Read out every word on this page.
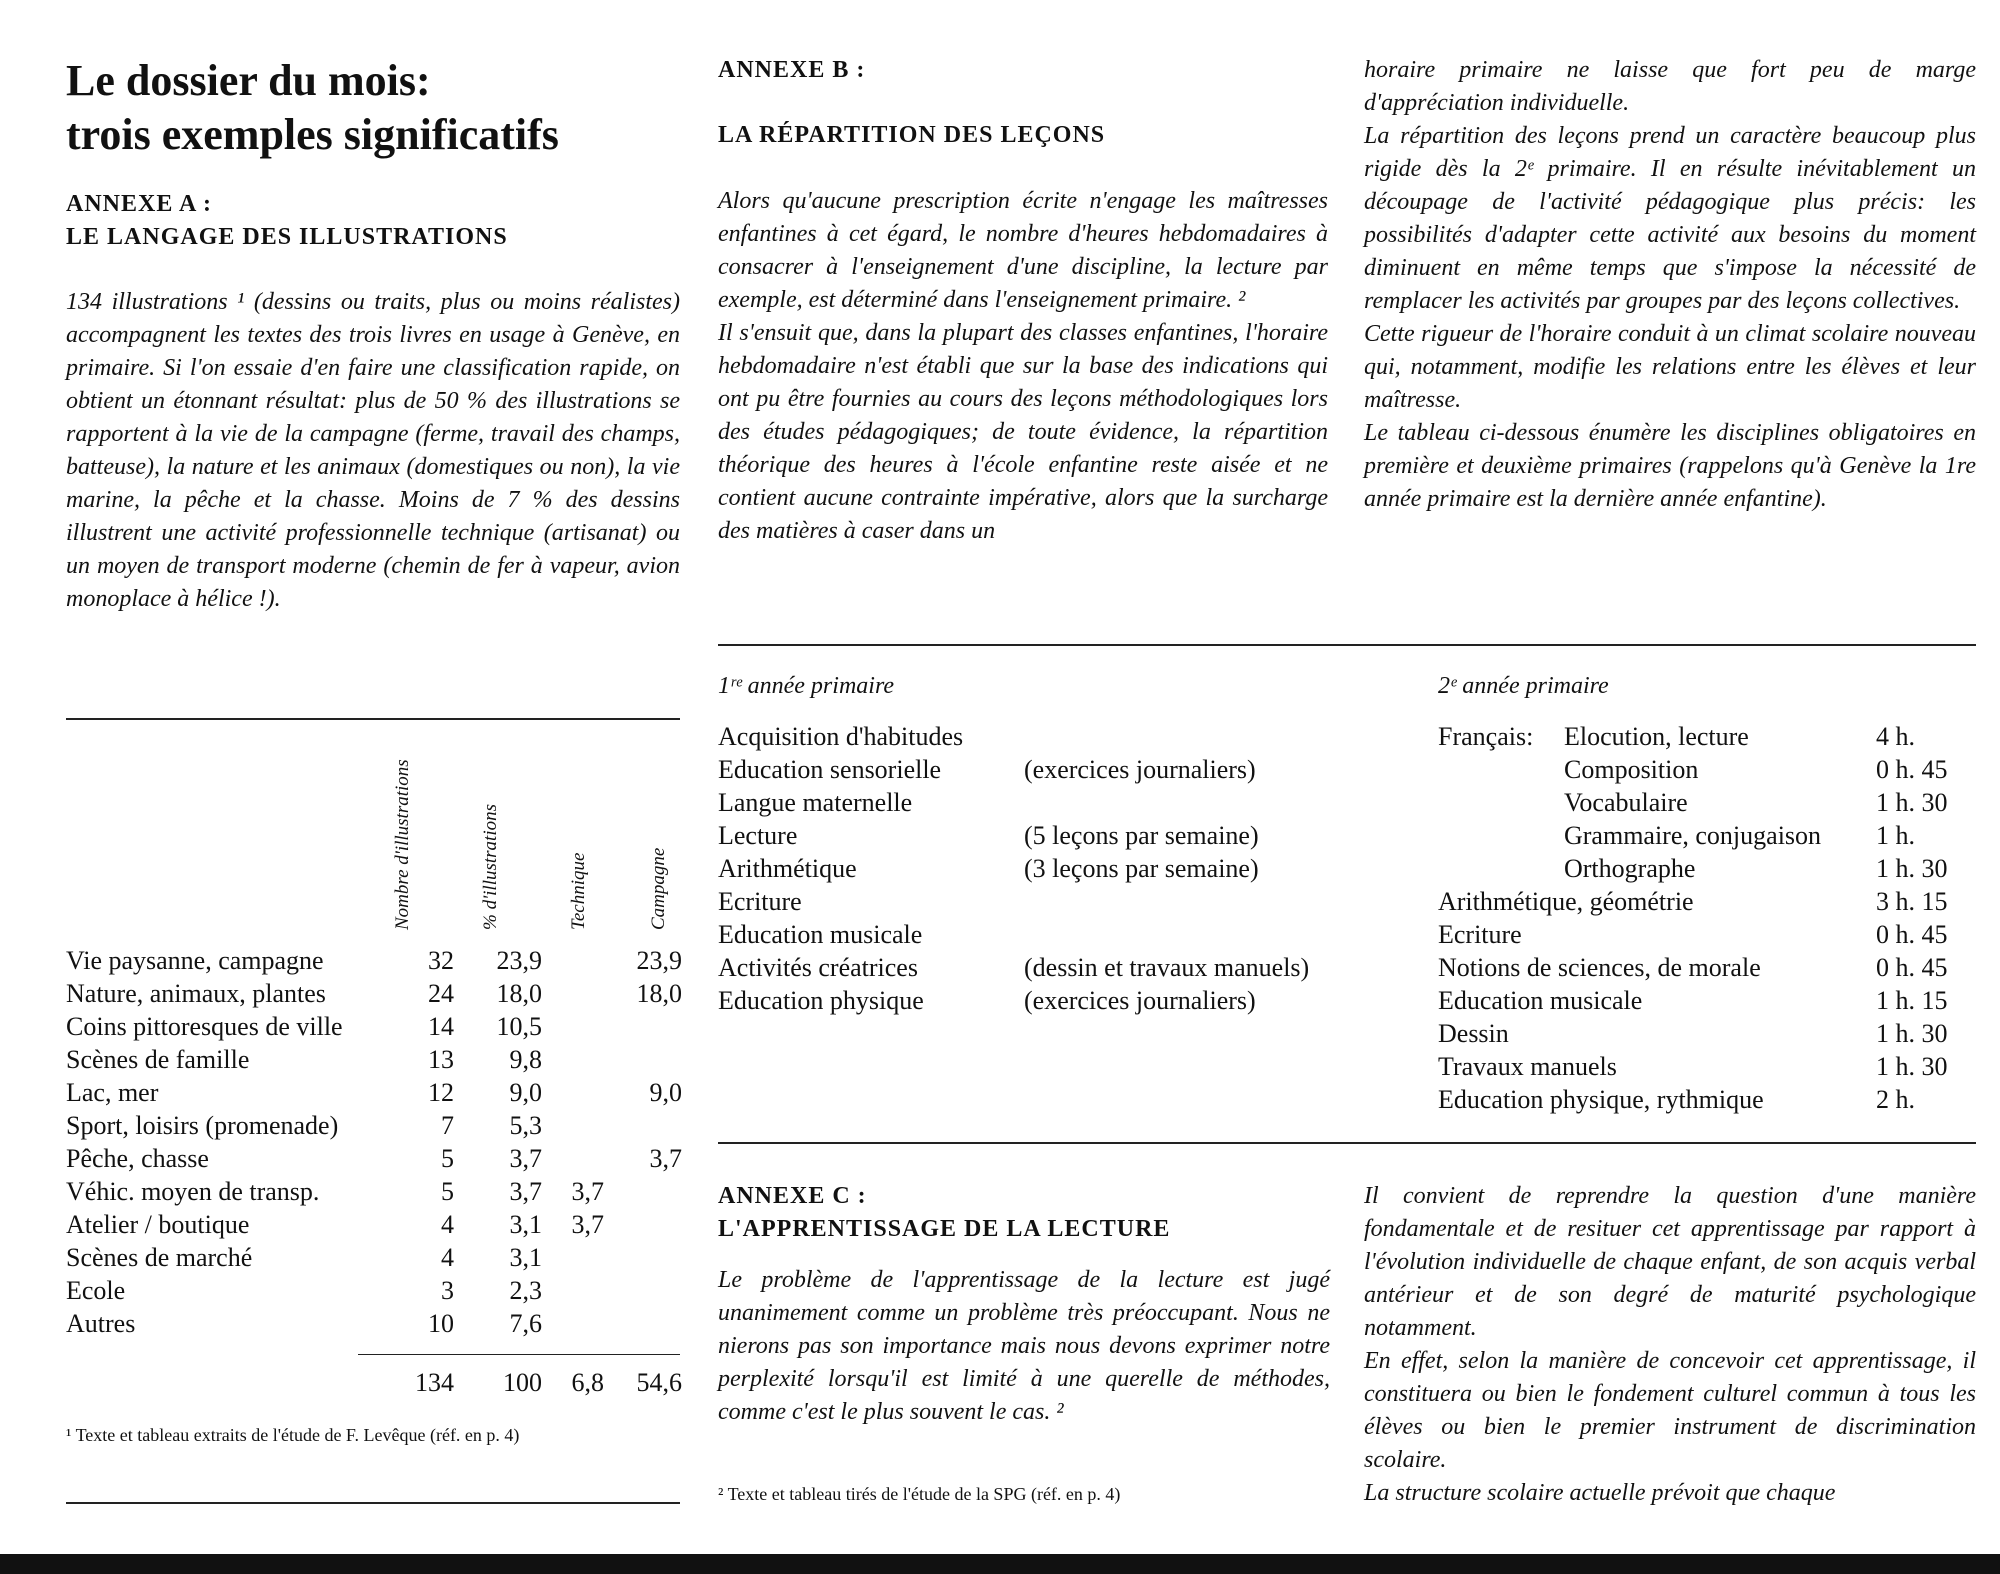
Le dossier du mois:
trois exemples significatifs
ANNEXE A :
LE LANGAGE DES ILLUSTRATIONS
134 illustrations ¹ (dessins ou traits, plus ou moins réalistes) accompagnent les textes des trois livres en usage à Genève, en primaire. Si l'on essaie d'en faire une classification rapide, on obtient un étonnant résultat: plus de 50 % des illustrations se rapportent à la vie de la campagne (ferme, travail des champs, batteuse), la nature et les animaux (domestiques ou non), la vie marine, la pêche et la chasse. Moins de 7 % des dessins illustrent une activité professionnelle technique (artisanat) ou un moyen de transport moderne (chemin de fer à vapeur, avion monoplace à hélice !).
Nombre d'illustrations	% d'illustrations	Technique	Campagne
Vie paysanne, campagne	32	23,9		23,9
Nature, animaux, plantes	24	18,0		18,0
Coins pittoresques de ville	14	10,5		
Scènes de famille	13	9,8		
Lac, mer	12	9,0		9,0
Sport, loisirs (promenade)	7	5,3		
Pêche, chasse	5	3,7		3,7
Véhic. moyen de transp.	5	3,7	3,7	
Atelier / boutique	4	3,1	3,7	
Scènes de marché	4	3,1		
Ecole	3	2,3		
Autres	10	7,6		
	134	100	6,8	54,6
¹ Texte et tableau extraits de l'étude de F. Levêque (réf. en p. 4)
ANNEXE B :
LA RÉPARTITION DES LEÇONS
Alors qu'aucune prescription écrite n'engage les maîtresses enfantines à cet égard, le nombre d'heures hebdomadaires à consacrer à l'enseignement d'une discipline, la lecture par exemple, est déterminé dans l'enseignement primaire. ²
Il s'ensuit que, dans la plupart des classes enfantines, l'horaire hebdomadaire n'est établi que sur la base des indications qui ont pu être fournies au cours des leçons méthodologiques lors des études pédagogiques; de toute évidence, la répartition théorique des heures à l'école enfantine reste aisée et ne contient aucune contrainte impérative, alors que la surcharge des matières à caser dans un
horaire primaire ne laisse que fort peu de marge d'appréciation individuelle.
La répartition des leçons prend un caractère beaucoup plus rigide dès la 2ᵉ primaire. Il en résulte inévitablement un découpage de l'activité pédagogique plus précis: les possibilités d'adapter cette activité aux besoins du moment diminuent en même temps que s'impose la nécessité de remplacer les activités par groupes par des leçons collectives.
Cette rigueur de l'horaire conduit à un climat scolaire nouveau qui, notamment, modifie les relations entre les élèves et leur maîtresse.
Le tableau ci-dessous énumère les disciplines obligatoires en première et deuxième primaires (rappelons qu'à Genève la 1re année primaire est la dernière année enfantine).
1ʳᵉ année primaire
Acquisition d'habitudes	
Education sensorielle	(exercices journaliers)
Langue maternelle	
Lecture	(5 leçons par semaine)
Arithmétique	(3 leçons par semaine)
Ecriture	
Education musicale	
Activités créatrices	(dessin et travaux manuels)
Education physique	(exercices journaliers)
2ᵉ année primaire
Français:	Elocution, lecture	4 h.
	Composition	0 h. 45
	Vocabulaire	1 h. 30
	Grammaire, conjugaison	1 h.
	Orthographe	1 h. 30
Arithmétique, géométrie		3 h. 15
Ecriture		0 h. 45
Notions de sciences, de morale		0 h. 45
Education musicale		1 h. 15
Dessin		1 h. 30
Travaux manuels		1 h. 30
Education physique, rythmique		2 h.
ANNEXE C :
L'APPRENTISSAGE DE LA LECTURE
Le problème de l'apprentissage de la lecture est jugé unanimement comme un problème très préoccupant. Nous ne nierons pas son importance mais nous devons exprimer notre perplexité lorsqu'il est limité à une querelle de méthodes, comme c'est le plus souvent le cas. ²
² Texte et tableau tirés de l'étude de la SPG (réf. en p. 4)
Il convient de reprendre la question d'une manière fondamentale et de resituer cet apprentissage par rapport à l'évolution individuelle de chaque enfant, de son acquis verbal antérieur et de son degré de maturité psychologique notamment.
En effet, selon la manière de concevoir cet apprentissage, il constituera ou bien le fondement culturel commun à tous les élèves ou bien le premier instrument de discrimination scolaire.
La structure scolaire actuelle prévoit que chaque
